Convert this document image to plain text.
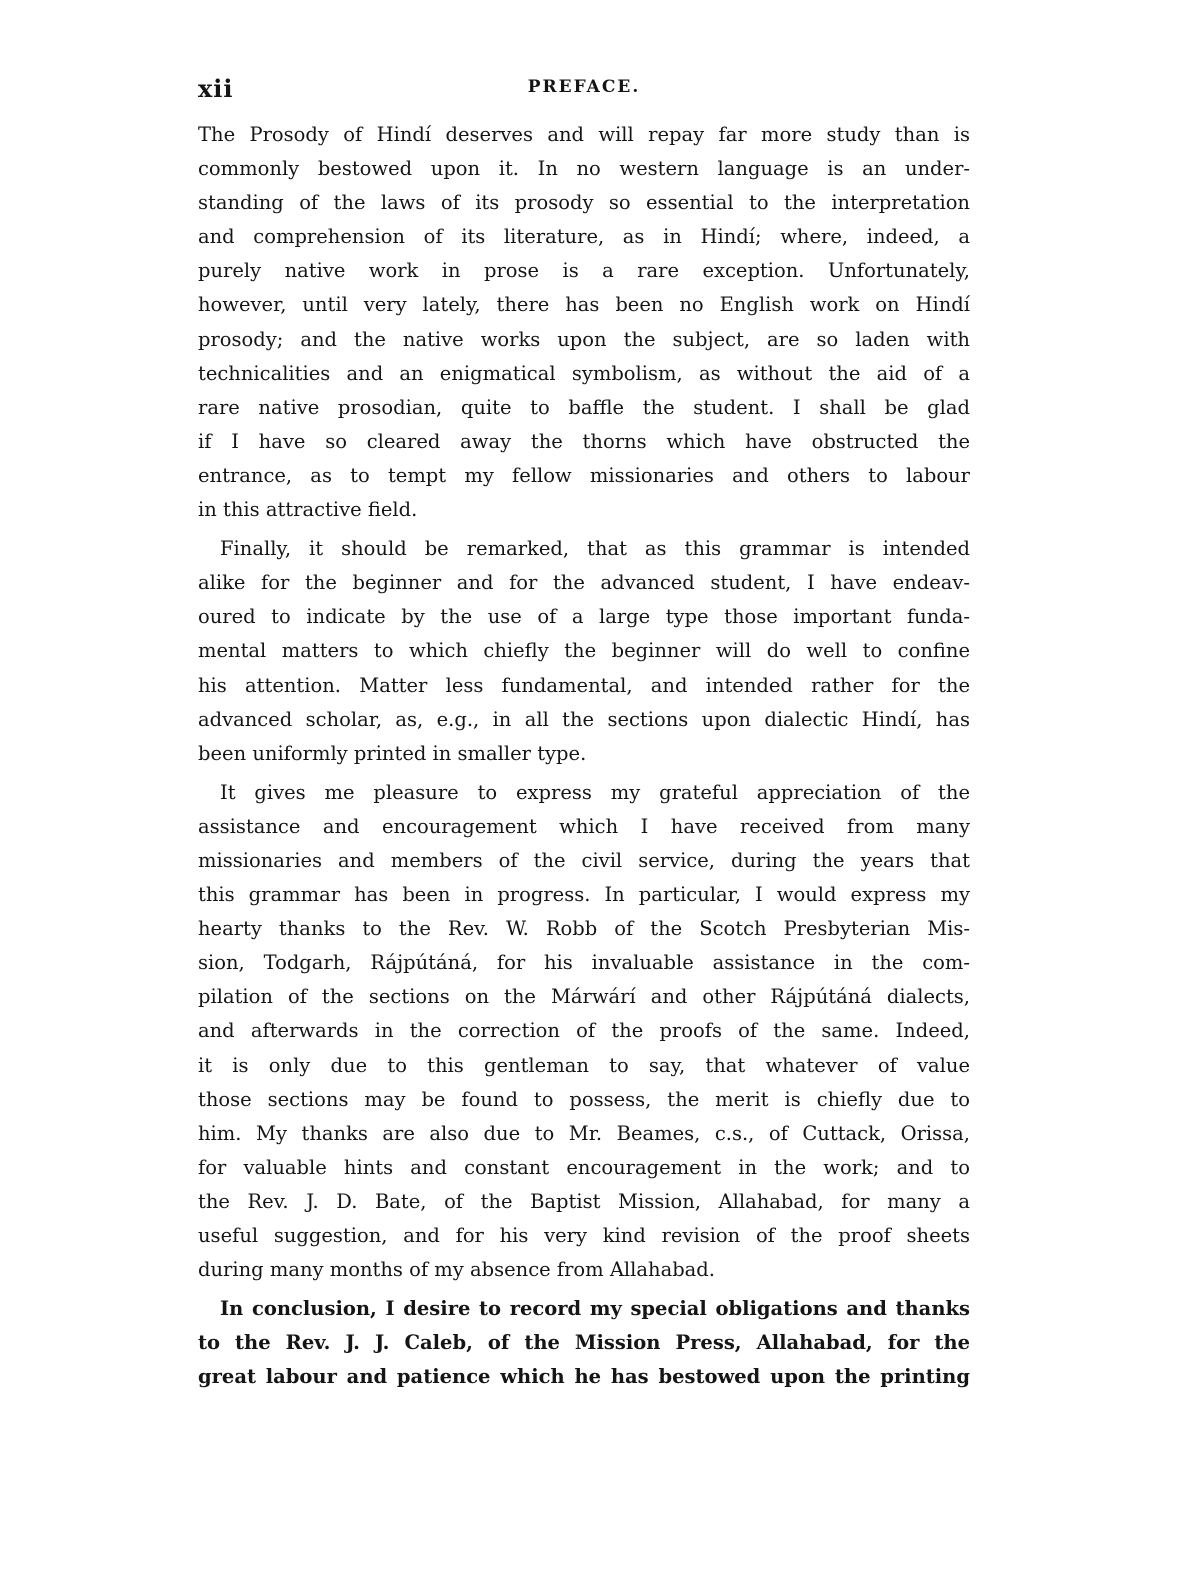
xii	PREFACE.
The Prosody of Hindí deserves and will repay far more study than is
commonly bestowed upon it. In no western language is an under-
standing of the laws of its prosody so essential to the interpretation
and comprehension of its literature, as in Hindí; where, indeed, a
purely native work in prose is a rare exception. Unfortunately,
however, until very lately, there has been no English work on Hindí
prosody; and the native works upon the subject, are so laden with
technicalities and an enigmatical symbolism, as without the aid of a
rare native prosodian, quite to baffle the student. I shall be glad
if I have so cleared away the thorns which have obstructed the
entrance, as to tempt my fellow missionaries and others to labour
in this attractive field.
Finally, it should be remarked, that as this grammar is intended
alike for the beginner and for the advanced student, I have endeav-
oured to indicate by the use of a large type those important funda-
mental matters to which chiefly the beginner will do well to confine
his attention. Matter less fundamental, and intended rather for the
advanced scholar, as, e.g., in all the sections upon dialectic Hindí, has
been uniformly printed in smaller type.
It gives me pleasure to express my grateful appreciation of the
assistance and encouragement which I have received from many
missionaries and members of the civil service, during the years that
this grammar has been in progress. In particular, I would express my
hearty thanks to the Rev. W. Robb of the Scotch Presbyterian Mis-
sion, Todgarh, Rájpútáná, for his invaluable assistance in the com-
pilation of the sections on the Márwárí and other Rájpútáná dialects,
and afterwards in the correction of the proofs of the same. Indeed,
it is only due to this gentleman to say, that whatever of value
those sections may be found to possess, the merit is chiefly due to
him. My thanks are also due to Mr. Beames, c.s., of Cuttack, Orissa,
for valuable hints and constant encouragement in the work; and to
the Rev. J. D. Bate, of the Baptist Mission, Allahabad, for many a
useful suggestion, and for his very kind revision of the proof sheets
during many months of my absence from Allahabad.
In conclusion, I desire to record my special obligations and thanks
to the Rev. J. J. Caleb, of the Mission Press, Allahabad, for the
great labour and patience which he has bestowed upon the printing
